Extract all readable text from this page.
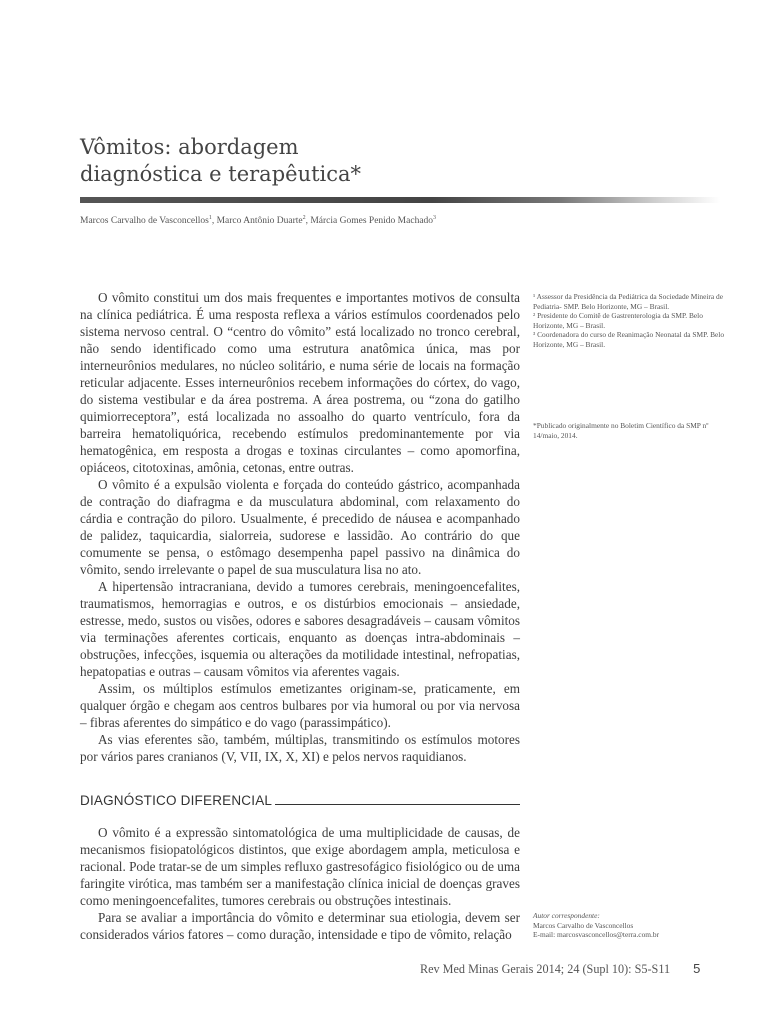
Vômitos: abordagem
diagnóstica e terapêutica*
Marcos Carvalho de Vasconcellos$^1$, Marco Antônio Duarte$^2$, Márcia Gomes Penido Machado$^3$

O vômito constitui um dos mais frequentes e importantes motivos de consulta na clínica pediátrica. É uma resposta reflexa a vários estímulos coordenados pelo sistema nervoso central. O “centro do vômito” está localizado no tronco cerebral, não sendo identificado como uma estrutura anatômica única, mas por interneurônios medulares, no núcleo solitário, e numa série de locais na formação reticular adjacente. Esses interneurônios recebem informações do córtex, do vago, do sistema vestibular e da área postrema. A área postrema, ou “zona do gatilho quimiorreceptora”, está localizada no assoalho do quarto ventrículo, fora da barreira hematoliquórica, recebendo estímulos predominantemente por via hematogênica, em resposta a drogas e toxinas circulantes – como apomorfina, opiáceos, citotoxinas, amônia, cetonas, entre outras.

O vômito é a expulsão violenta e forçada do conteúdo gástrico, acompanhada de contração do diafragma e da musculatura abdominal, com relaxamento do cárdia e contração do piloro. Usualmente, é precedido de náusea e acompanhado de palidez, taquicardia, sialorreia, sudorese e lassidão. Ao contrário do que comumente se pensa, o estômago desempenha papel passivo na dinâmica do vômito, sendo irrelevante o papel de sua musculatura lisa no ato.

A hipertensão intracraniana, devido a tumores cerebrais, meningoencefalites, traumatismos, hemorragias e outros, e os distúrbios emocionais – ansiedade, estresse, medo, sustos ou visões, odores e sabores desagradáveis – causam vômitos via terminações aferentes corticais, enquanto as doenças intra-abdominais – obstruções, infecções, isquemia ou alterações da motilidade intestinal, nefropatias, hepatopatias e outras – causam vômitos via aferentes vagais.

Assim, os múltiplos estímulos emetizantes originam-se, praticamente, em qualquer órgão e chegam aos centros bulbares por via humoral ou por via nervosa – fibras aferentes do simpático e do vago (parassimpático).

As vias eferentes são, também, múltiplas, transmitindo os estímulos motores por vários pares cranianos (V, VII, IX, X, XI) e pelos nervos raquidianos.

DIAGNÓSTICO DIFERENCIAL

O vômito é a expressão sintomatológica de uma multiplicidade de causas, de mecanismos fisiopatológicos distintos, que exige abordagem ampla, meticulosa e racional. Pode tratar-se de um simples refluxo gastresofágico fisiológico ou de uma faringite virótica, mas também ser a manifestação clínica inicial de doenças graves como meningoencefalites, tumores cerebrais ou obstruções intestinais.

Para se avaliar a importância do vômito e determinar sua etiologia, devem ser considerados vários fatores – como duração, intensidade e tipo de vômito, relação

¹ Assessor da Presidência da Pediátrica da Sociedade Mineira de Pediatria- SMP. Belo Horizonte, MG – Brasil.

² Presidente do Comitê de Gastrenterologia da SMP. Belo Horizonte, MG – Brasil.

³ Coordenadora do curso de Reanimação Neonatal da SMP. Belo Horizonte, MG – Brasil.

*Publicado originalmente no Boletim Científico da SMP nº 14/maio, 2014.

Autor correspondente:

Marcos Carvalho de Vasconcellos

E-mail: marcosvasconcellos@terra.com.br

Rev Med Minas Gerais 2014; 24 (Supl 10): S5-S11 5
